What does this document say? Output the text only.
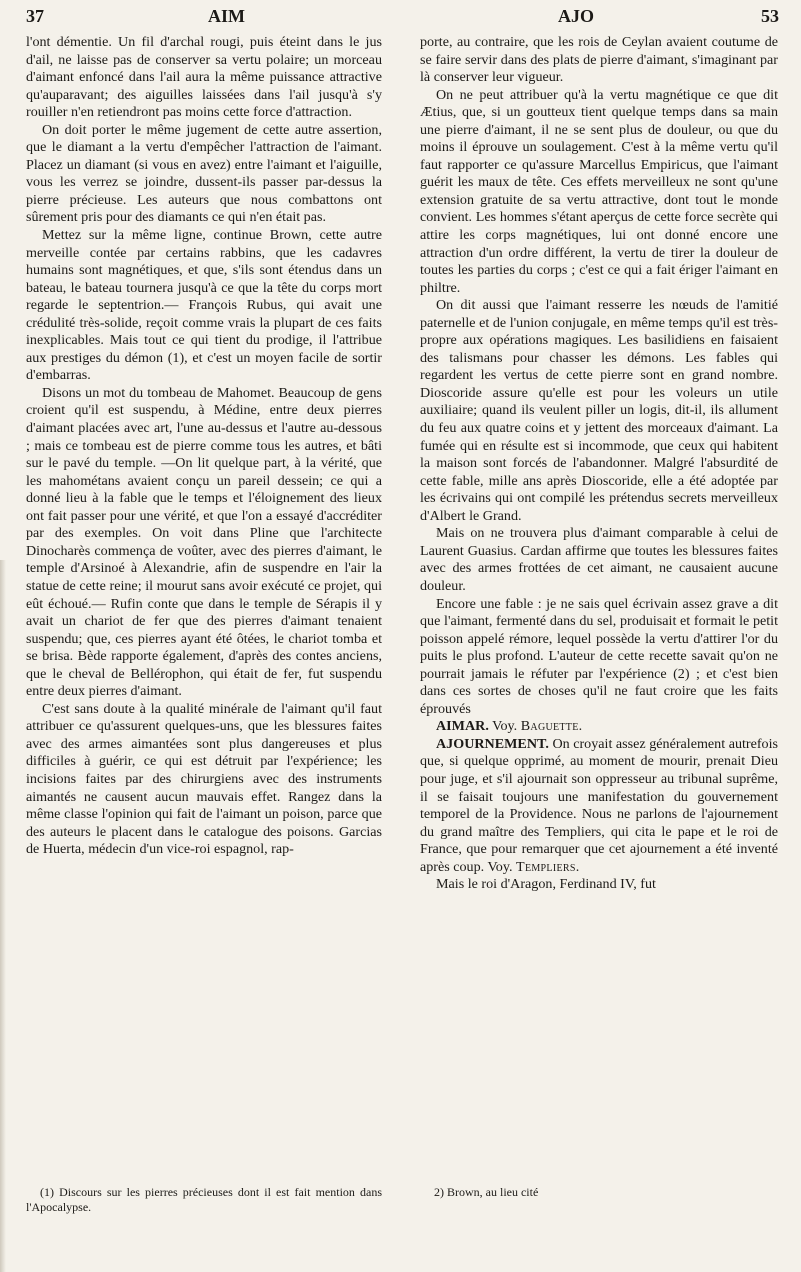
37	AIM	AJO	53

l'ont démentie. Un fil d'archal rougi, puis éteint dans le jus d'ail, ne laisse pas de conserver sa vertu polaire; un morceau d'aimant enfoncé dans l'ail aura la même puissance attractive qu'auparavant; des aiguilles laissées dans l'ail jusqu'à s'y rouiller n'en retiendront pas moins cette force d'attraction.

On doit porter le même jugement de cette autre assertion, que le diamant a la vertu d'empêcher l'attraction de l'aimant. Placez un diamant (si vous en avez) entre l'aimant et l'aiguille, vous les verrez se joindre, dussent-ils passer par-dessus la pierre précieuse. Les auteurs que nous combattons ont sûrement pris pour des diamants ce qui n'en était pas.

Mettez sur la même ligne, continue Brown, cette autre merveille contée par certains rabbins, que les cadavres humains sont magnétiques, et que, s'ils sont étendus dans un bateau, le bateau tournera jusqu'à ce que la tête du corps mort regarde le septentrion.— François Rubus, qui avait une crédulité très-solide, reçoit comme vrais la plupart de ces faits inexplicables. Mais tout ce qui tient du prodige, il l'attribue aux prestiges du démon (1), et c'est un moyen facile de sortir d'embarras.

Disons un mot du tombeau de Mahomet. Beaucoup de gens croient qu'il est suspendu, à Médine, entre deux pierres d'aimant placées avec art, l'une au-dessus et l'autre au-dessous ; mais ce tombeau est de pierre comme tous les autres, et bâti sur le pavé du temple. —On lit quelque part, à la vérité, que les mahométans avaient conçu un pareil dessein; ce qui a donné lieu à la fable que le temps et l'éloignement des lieux ont fait passer pour une vérité, et que l'on a essayé d'accréditer par des exemples. On voit dans Pline que l'architecte Dinocharès commença de voûter, avec des pierres d'aimant, le temple d'Arsinoé à Alexandrie, afin de suspendre en l'air la statue de cette reine; il mourut sans avoir exécuté ce projet, qui eût échoué.— Rufin conte que dans le temple de Sérapis il y avait un chariot de fer que des pierres d'aimant tenaient suspendu; que, ces pierres ayant été ôtées, le chariot tomba et se brisa. Bède rapporte également, d'après des contes anciens, que le cheval de Bellérophon, qui était de fer, fut suspendu entre deux pierres d'aimant.

C'est sans doute à la qualité minérale de l'aimant qu'il faut attribuer ce qu'assurent quelques-uns, que les blessures faites avec des armes aimantées sont plus dangereuses et plus difficiles à guérir, ce qui est détruit par l'expérience; les incisions faites par des chirurgiens avec des instruments aimantés ne causent aucun mauvais effet. Rangez dans la même classe l'opinion qui fait de l'aimant un poison, parce que des auteurs le placent dans le catalogue des poisons. Garcias de Huerta, médecin d'un vice-roi espagnol, rap-

porte, au contraire, que les rois de Ceylan avaient coutume de se faire servir dans des plats de pierre d'aimant, s'imaginant par là conserver leur vigueur.

On ne peut attribuer qu'à la vertu magnétique ce que dit Ætius, que, si un goutteux tient quelque temps dans sa main une pierre d'aimant, il ne se sent plus de douleur, ou que du moins il éprouve un soulagement. C'est à la même vertu qu'il faut rapporter ce qu'assure Marcellus Empiricus, que l'aimant guérit les maux de tête. Ces effets merveilleux ne sont qu'une extension gratuite de sa vertu attractive, dont tout le monde convient. Les hommes s'étant aperçus de cette force secrète qui attire les corps magnétiques, lui ont donné encore une attraction d'un ordre différent, la vertu de tirer la douleur de toutes les parties du corps ; c'est ce qui a fait ériger l'aimant en philtre.

On dit aussi que l'aimant resserre les nœuds de l'amitié paternelle et de l'union conjugale, en même temps qu'il est très-propre aux opérations magiques. Les basilidiens en faisaient des talismans pour chasser les démons. Les fables qui regardent les vertus de cette pierre sont en grand nombre. Dioscoride assure qu'elle est pour les voleurs un utile auxiliaire; quand ils veulent piller un logis, dit-il, ils allument du feu aux quatre coins et y jettent des morceaux d'aimant. La fumée qui en résulte est si incommode, que ceux qui habitent la maison sont forcés de l'abandonner. Malgré l'absurdité de cette fable, mille ans après Dioscoride, elle a été adoptée par les écrivains qui ont compilé les prétendus secrets merveilleux d'Albert le Grand.

Mais on ne trouvera plus d'aimant comparable à celui de Laurent Guasius. Cardan affirme que toutes les blessures faites avec des armes frottées de cet aimant, ne causaient aucune douleur.

Encore une fable : je ne sais quel écrivain assez grave a dit que l'aimant, fermenté dans du sel, produisait et formait le petit poisson appelé rémore, lequel possède la vertu d'attirer l'or du puits le plus profond. L'auteur de cette recette savait qu'on ne pourrait jamais le réfuter par l'expérience (2) ; et c'est bien dans ces sortes de choses qu'il ne faut croire que les faits éprouvés

AIMAR. Voy. Baguette.

AJOURNEMENT. On croyait assez généralement autrefois que, si quelque opprimé, au moment de mourir, prenait Dieu pour juge, et s'il ajournait son oppresseur au tribunal suprême, il se faisait toujours une manifestation du gouvernement temporel de la Providence. Nous ne parlons de l'ajournement du grand maître des Templiers, qui cita le pape et le roi de France, que pour remarquer que cet ajournement a été inventé après coup. Voy. Templiers.

Mais le roi d'Aragon, Ferdinand IV, fut

(1) Discours sur les pierres précieuses dont il est fait mention dans l'Apocalypse.

2) Brown, au lieu cité
